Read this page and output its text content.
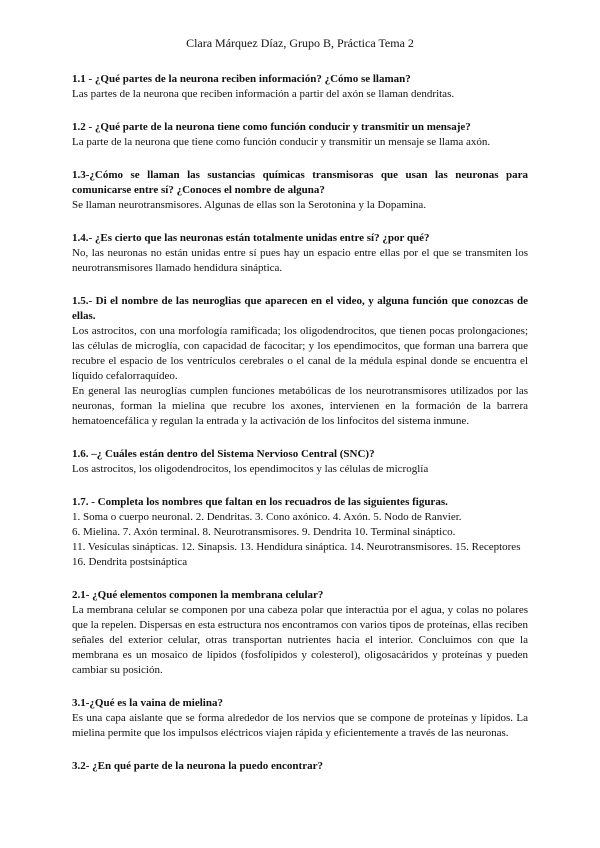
Clara Márquez Díaz, Grupo B, Práctica Tema 2
1.1 - ¿Qué partes de la neurona reciben información? ¿Cómo se llaman?

Las partes de la neurona que reciben información a partir del axón se llaman dendritas.

1.2 - ¿Qué parte de la neurona tiene como función conducir y transmitir un mensaje?

La parte de la neurona que tiene como función conducir y transmitir un mensaje se llama axón.

1.3-¿Cómo se llaman las sustancias químicas transmisoras que usan las neuronas para comunicarse entre sí? ¿Conoces el nombre de alguna?

Se llaman neurotransmisores. Algunas de ellas son la Serotonina y la Dopamina.

1.4.- ¿Es cierto que las neuronas están totalmente unidas entre sí? ¿por qué?

No, las neuronas no están unidas entre sí pues hay un espacio entre ellas por el que se transmiten los neurotransmisores llamado hendidura sináptica.

1.5.- Di el nombre de las neuroglias que aparecen en el video, y alguna función que conozcas de ellas.

Los astrocitos, con una morfología ramificada; los oligodendrocitos, que tienen pocas prolongaciones; las células de microglía, con capacidad de facocitar; y los ependimocitos, que forman una barrera que recubre el espacio de los ventrículos cerebrales o el canal de la médula espinal donde se encuentra el líquido cefalorraquídeo.

En general las neuroglías cumplen funciones metabólicas de los neurotransmisores utilizados por las neuronas, forman la mielina que recubre los axones, intervienen en la formación de la barrera hematoencefálica y regulan la entrada y la activación de los linfocitos del sistema inmune.

1.6. –¿ Cuáles están dentro del Sistema Nervioso Central (SNC)?

Los astrocitos, los oligodendrocitos, los ependimocitos y las células de microglía

1.7. - Completa los nombres que faltan en los recuadros de las siguientes figuras.

1. Soma o cuerpo neuronal. 2. Dendritas. 3. Cono axónico. 4. Axón. 5. Nodo de Ranvier.

6. Mielina. 7. Axón terminal. 8. Neurotransmisores. 9. Dendrita 10. Terminal sináptico.

11. Vesículas sinápticas. 12. Sinapsis. 13. Hendidura sináptica. 14. Neurotransmisores. 15. Receptores

16. Dendrita postsináptica

2.1- ¿Qué elementos componen la membrana celular?

La membrana celular se componen por una cabeza polar que interactúa por el agua, y colas no polares que la repelen. Dispersas en esta estructura nos encontramos con varios tipos de proteínas, ellas reciben señales del exterior celular, otras transportan nutrientes hacia el interior. Concluimos con que la membrana es un mosaico de lípidos (fosfolípidos y colesterol), oligosacáridos y proteínas y pueden cambiar su posición.

3.1-¿Qué es la vaina de mielina?

Es una capa aislante que se forma alrededor de los nervios que se compone de proteínas y lípidos. La mielina permite que los impulsos eléctricos viajen rápida y eficientemente a través de las neuronas.

3.2- ¿En qué parte de la neurona la puedo encontrar?
